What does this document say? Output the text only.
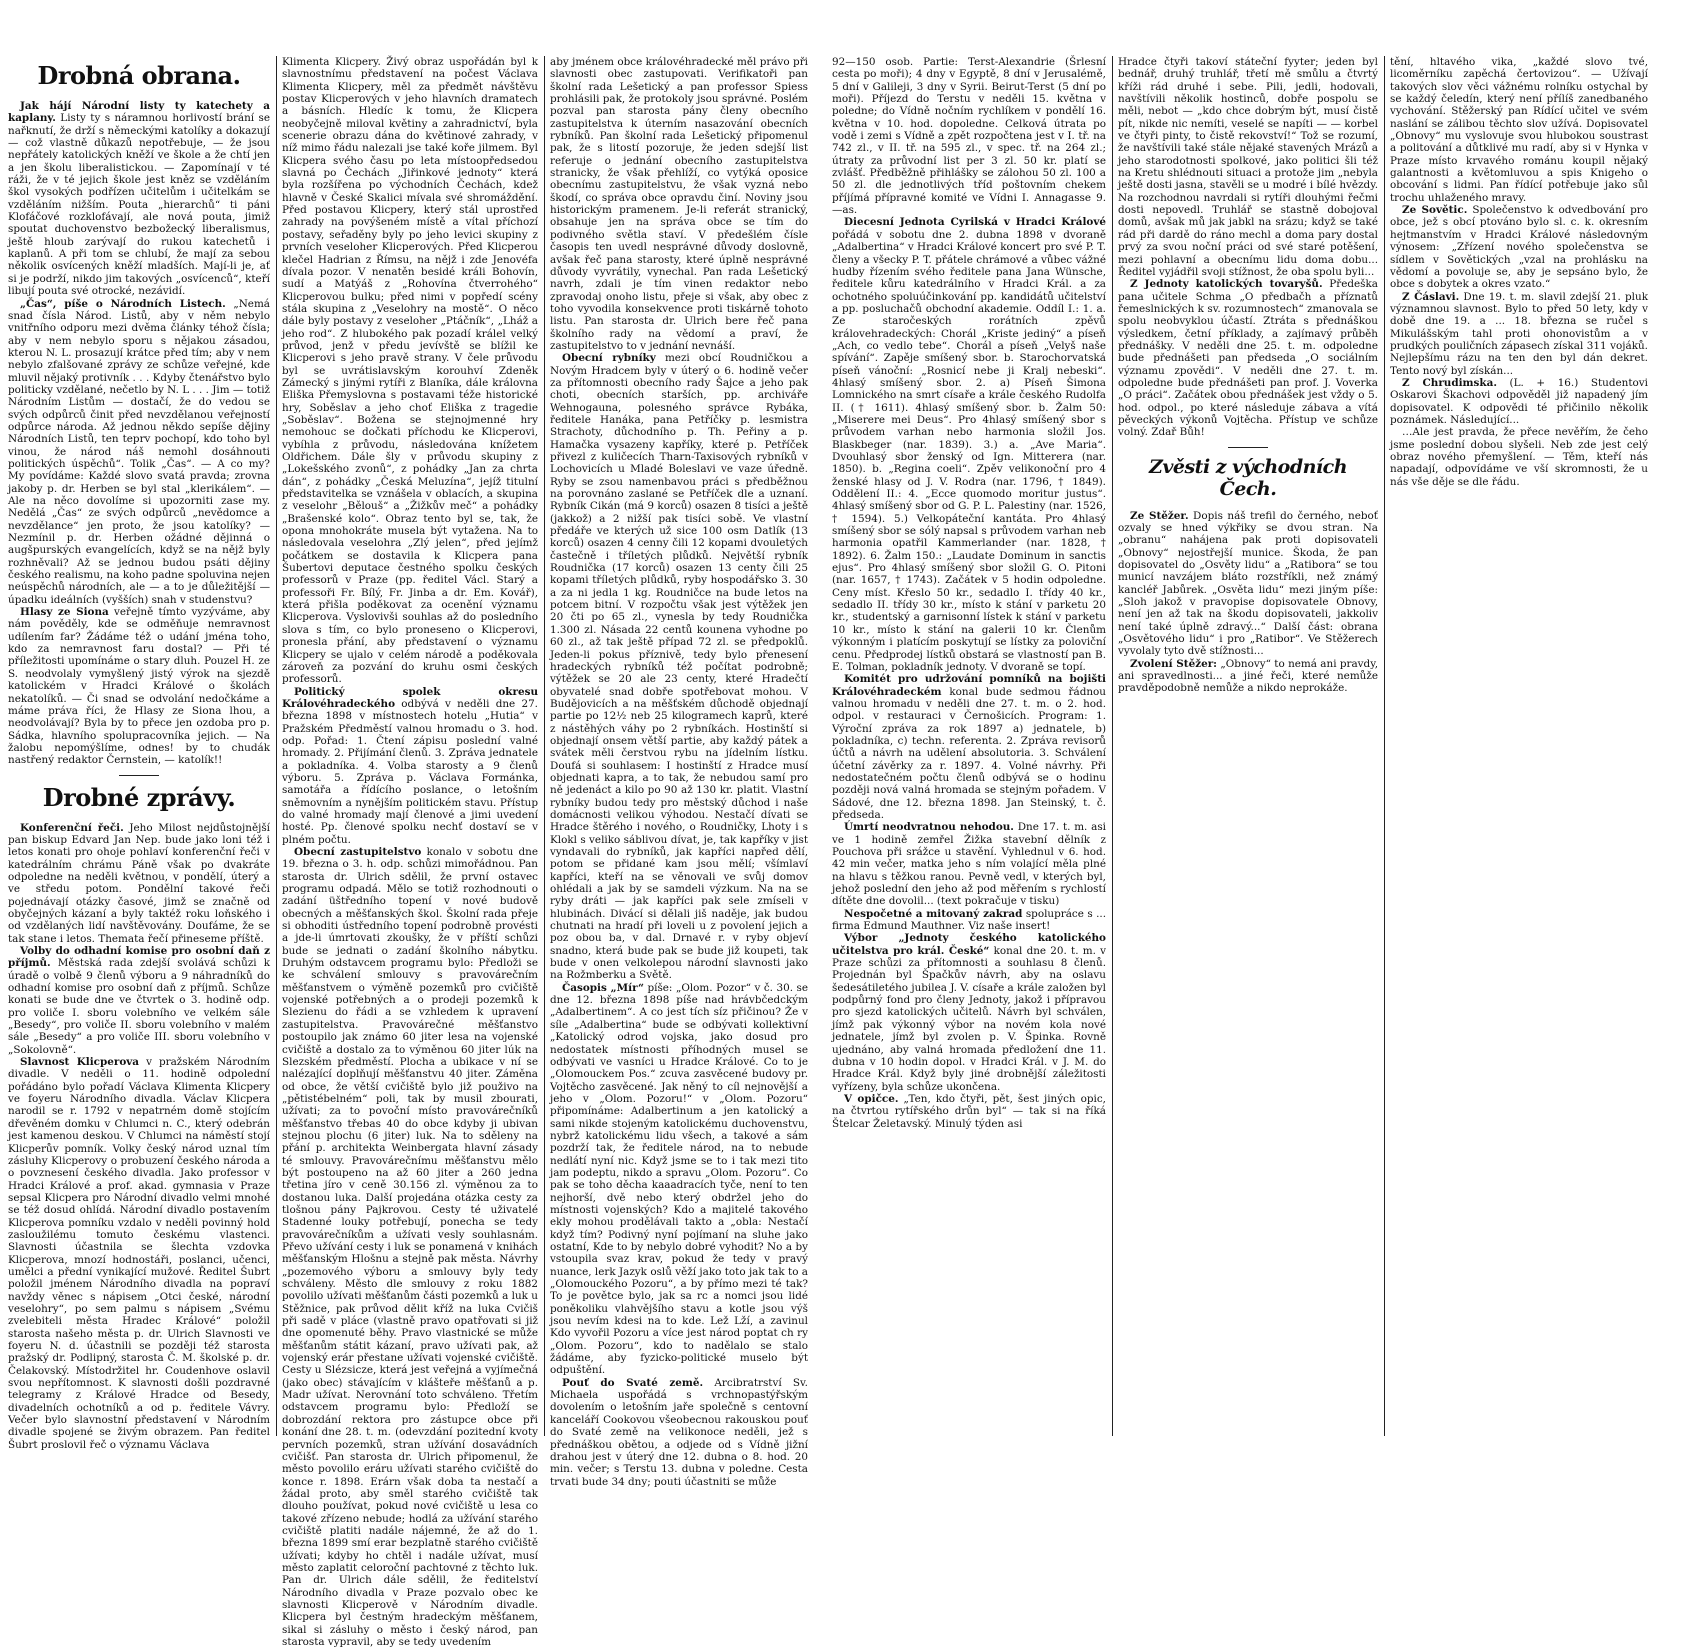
Drobná obrana.

Jak hájí Národní listy ty katechety a kaplany. Listy ty s náramnou horlivostí brání se nařknutí, že drží s německými katolíky a dokazují — což vlastně důkazů nepotřebuje, — že jsou nepřátely katolických kněží ve škole a že chtí jen a jen školu liberalistickou. — Zapomínají v té ráži, že v té jejich škole jest kněz se vzděláním škol vysokých podřízen učitelům i učitelkám se vzděláním nižším. Pouta „hierarchů“ ti páni Klofáčové rozklofávají, ale nová pouta, jimiž spoutat duchovenstvo bezbožecký liberalismus, ještě hloub zarývají do rukou katechetů i kaplanů. A při tom se chlubí, že mají za sebou několik osvícených kněží mladších. Mají-li je, ať si je podrží, nikdo jim takových „osvícenců“, kteří libují pouta své otrocké, nezávidí.

„Čas“, píše o Národních Listech. „Nemá snad čísla Národ. Listů, aby v něm nebylo vnitřního odporu mezi dvěma články téhož čísla; aby v nem nebylo sporu s nějakou zásadou, kterou N. L. prosazují krátce před tím; aby v nem nebylo zfalšované zprávy ze schůze veřejné, kde mluvil nějaký protivník . . . Kdyby čtenářstvo bylo politicky vzdělané, nečetlo by N. L . . . Jim — totiž Národním Listům — dostačí, že do vedou se svých odpůrců činit před nevzdělanou veřejností odpůrce národa. Až jednou někdo sepíše dějiny Národních Listů, ten teprv pochopí, kdo toho byl vinou, že národ náš nemohl dosáhnouti politických úspěchů“. Tolik „Čas“. — A co my? My povídáme: Každé slovo svatá pravda; zrovna jakoby p. dr. Herben se byl stal „klerikálem“. — Ale na něco dovolíme si upozorniti zase my. Nedělá „Čas“ ze svých odpůrců „nevědomce a nevzdělance“ jen proto, že jsou katolíky? — Nezmínil p. dr. Herben ožádné dějinná o augšpurských evangelících, když se na nějž byly rozhněvali? Až se jednou budou psáti dějiny českého realismu, na koho padne spoluvina nejen neúspěchů národních, ale — a to je důležitější — úpadku ideálních (vyšších) snah v studenstvu?

Hlasy ze Siona veřejně tímto vyzýváme, aby nám pověděly, kde se odměňuje nemravnost udílením far? Žádáme též o udání jména toho, kdo za nemravnost faru dostal? — Při té příležitosti upomínáme o stary dluh. Pouzel H. ze S. neodvolaly vymyšlený jistý výrok na sjezdě katolickém v Hradci Králové o školách nekatolíků. — Či snad se odvolání nedočkáme a máme práva říci, že Hlasy ze Siona lhou, a neodvolávají? Byla by to přece jen ozdoba pro p. Sádka, hlavního spolupracovníka jejich. — Na žalobu nepomýšlíme, odnes! by to chudák nastřený redaktor Černstein, — katolík!!

Drobné zprávy.

Konferenční řeči. Jeho Milost nejdůstojnější pan biskup Edvard Jan Nep. bude jako loni též i letos konati pro ohoje pohlaví konferenční řeči v katedrálním chrámu Páně však po dvakráte odpoledne na neděli květnou, v pondělí, úterý a ve středu potom. Pondělní takové řeči pojednávají otázky časové, jimž se značně od obyčejných kázaní a byly taktéž roku loňského i od vzdělaných lidí navštěvovány. Doufáme, že se tak stane i letos. Themata řečí přineseme příště.

Volby do odhadní komise pro osobní daň z příjmů. Městská rada zdejší svolává schůzi k úradě o volbě 9 členů výboru a 9 náhradníků do odhadní komise pro osobní daň z příjmů. Schůze konati se bude dne ve čtvrtek o 3. hodině odp. pro voliče I. sboru volebního ve velkém sále „Besedy“, pro voliče II. sboru volebního v malém sále „Besedy“ a pro voliče III. sboru volebního v „Sokolovně“.

Slavnost Klicperova v pražském Národním divadle. V neděli o 11. hodině odpolední pořádáno bylo pořadí Václava Klimenta Klicpery ve foyeru Národního divadla. Václav Klicpera narodil se r. 1792 v nepatrném domě stojícím dřevěném domku v Chlumci n. C., který odebrán jest kamenou deskou. V Chlumci na náměstí stojí Klicperův pomník. Volky český národ uznal tím zásluhy Klicperovy o probuzení českého národa a o povznesení českého divadla. Jako professor v Hradci Králové a prof. akad. gymnasia v Praze sepsal Klicpera pro Národní divadlo velmi mnohé se též dosud ohlídá. Národní divadlo postavením Klicperova pomníku vzdalo v neděli povinný hold zasloužilému tomuto českému vlastenci. Slavnosti účastnila se šlechta vzdovka Klicperova, mnozí hodnostáři, poslanci, učenci, umělci a přední vynikající mužové. Ředitel Šubrt položil jménem Národního divadla na popraví navždy věnec s nápisem „Otci české, národní veselohry“, po sem palmu s nápisem „Svému zvelebiteli města Hradec Králové“ položil starosta našeho města p. dr. Ulrich Slavnosti ve foyeru N. d. účastnili se později též starosta pražský dr. Podlipný, starosta Č. M. školské p. dr. Čelakovský. Místodržitel hr. Coudenhove oslavil svou nepřítomnost. K slavnosti došli pozdravné telegramy z Králové Hradce od Besedy, divadelních ochotníků a od p. ředitele Vávry. Večer bylo slavnostní představení v Národním divadle spojené se živým obrazem. Pan ředitel Šubrt proslovil řeč o významu Václava

Klimenta Klicpery. Živý obraz uspořádán byl k slavnostnímu představení na počest Václava Klimenta Klicpery, měl za předmět návštěvu postav Klicperových v jeho hlavních dramatech a básních. Hledíc k tomu, že Klicpera neobyčejně miloval květiny a zahradnictví, byla scenerie obrazu dána do květinové zahrady, v níž mimo řádu nalezali jse také koře jilmem. Byl Klicpera svého času po leta místoopředsedou slavná po Čechách „Jiřinkové jednoty“ která byla rozšířena po východních Čechách, kdež hlavně v České Skalici mívala své shromáždění. Před postavou Klicpery, který stál uprostřed zahrady na povýšeném místě a vítal příchozí postavy, seřaděny byly po jeho levici skupiny z prvních veseloher Klicperových. Před Klicperou klečel Hadrian z Římsu, na nějž i zde Jenovéfa dívala pozor. V nenatěn besidé králi Bohovín, sudí a Matýáš z „Rohovína čtverrohého“ Klicperovou bulku; před nimi v popředí scény stála skupina z „Veselohry na mostě“. O něco dále byly postavy z veseloher „Ptáčník“, „Lháž a jeho rod“. Z hlubokého pak pozadí králel velký průvod, jenž v předu jevívště se blížil ke Klicperovi s jeho pravě strany. V čele průvodu byl se uvrátislavským korouhví Zdeněk Zámecký s jinými rytíři z Blaníka, dále královna Eliška Přemyslovna s postavami téže historické hry, Soběslav a jeho choť Eliška z tragedie „Soběslav“. Božena se stejnojmenné hry nemohouc se dočkati příchodu ke Klicperovi, vybíhla z průvodu, následována knížetem Oldřichem. Dále šly v průvodu skupiny z „Lokešského zvonů“, z pohádky „Jan za chrta dán“, z pohádky „Česká Meluzína“, jejíž titulní představitelka se vznášela v oblacích, a skupina z veselohr „Bělouš“ a „Žižkův meč“ a pohádky „Brašenské kolo“. Obraz tento byl se, tak, že opona mnohokráte musela být vytažena. Na to následovala veselohra „Zlý jelen“, před jejímž počátkem se dostavila k Klicpera pana Šubertovi deputace čestného spolku českých professorů v Praze (pp. ředitel Václ. Starý a professoři Fr. Bílý, Fr. Jinba a dr. Em. Kovář), která přišla poděkovat za ocenění významu Klicperova. Vyslovivši souhlas až do posledního slova s tím, co bylo proneseno o Klicperovi, pronesla přání, aby představení o významu Klicpery se ujalo v celém národě a poděkovala zároveň za pozvání do kruhu osmi českých professorů.

Politický spolek okresu Královéhradeckého odbývá v neděli dne 27. března 1898 v místnostech hotelu „Hutia“ v Pražském Předměstí valnou hromadu o 3. hod. odp. Pořad: 1. Čtení zápisu poslední valné hromady. 2. Přijímání členů. 3. Zpráva jednatele a pokladníka. 4. Volba starosty a 9 členů výboru. 5. Zpráva p. Václava Formánka, samotářa a řídícího poslance, o letošním sněmovním a nynějším politickém stavu. Přístup do valné hromady mají členové a jimi uvedení hosté. Pp. členové spolku nechť dostaví se v plném počtu.

Obecní zastupitelstvo konalo v sobotu dne 19. března o 3. h. odp. schůzi mimořádnou. Pan starosta dr. Ulrich sdělil, že první ostavec programu odpadá. Mělo se totiž rozhodnouti o zadání üštředního topení v nové budově obecných a měšťanských škol. Školní rada přeje si obhoditi ústředního topení podrobně provésti a jde-li úmrtovati zkoušky, že v příští schůzi bude se jednati o zadání školního nábytku. Druhým odstavcem programu bylo: Předloži se ke schválení smlouvy s pravovárečním měšťanstvem o výměně pozemků pro cvičiště vojenské potřebných a o prodeji pozemků k Slezienu do řádi a se vzhledem k upravení zastupitelstva. Pravovárečné měšťanstvo postoupilo jak známo 60 jiter lesa na vojenské cvičiště a dostalo za to výměnou 60 jiter lúk na Slezském předměstí. Plocha a ubikace v ní se nalézající doplňují měšťanstvu 40 jiter. Záměna od obce, že větší cvičiště bylo již použivo na „pětistébelném“ poli, tak by musil zbourati, užívati; za to povoční místo pravovárečníků měšťanstvo třebas 40 do obce kdyby ji ubivan stejnou plochu (6 jiter) luk. Na to sděleny na přání p. architekta Weinbergata hlavní zásady té smlouvy. Pravovárečnímu měšťanstvu mělo být postoupeno na až 60 jiter a 260 jedna třetina jíro v ceně 30.156 zl. výměnou za to dostanou luka. Další projedána otázka cesty za tlošnou pány Pajkrovou. Cesty té uživatelé Stadenné louky potřebují, ponecha se tedy pravovárečníkům a užívati vesly souhlasnám. Převo užívání cesty i luk se ponamená v knihách měšťanským Hlošnu a stejně pak města. Návrhy „pozemového výboru a smlouvy byly tedy schváleny. Město dle smlouvy z roku 1882 povolilo užívati měšťanům části pozemků a luk u Stěžnice, pak průvod dělit kříž na luka Cvičiš při sadě v pláce (vlastně pravo opatřovati si již dne opomenuté běhy. Pravo vlastnické se může měšťanům státit kázaní, pravo užívati pak, až vojenský erár přestane užívati vojenské cvičiště. Cesty u Slézsicze, která jest veřejná a vyjímečná (jako obec) stávajícím v klášteře měšťanů a p. Madr užívat. Nerovnání toto schváleno. Třetím odstavcem programu bylo: Předloží se dobrozdání rektora pro zástupce obce při konání dne 28. t. m. (odevzdání pozitední kvoty pervních pozemků, stran užívání dosavádních cvičišť. Pan starosta dr. Ulrich připomenul, že město povolilo eráru užívati starého cvičiště do konce r. 1898. Erárn však doba ta nestačí a žádal proto, aby směl starého cvičiště tak dlouho používat, pokud nové cvičiště u lesa co takové zřízeno nebude; hodlá za užívání starého cvičiště platiti nadále nájemné, že až do 1. března 1899 smí erar bezplatně starého cvičiště užívati; kdyby ho chtěl i nadále užívat, musí město zaplatit celoroční pachtovné z těchto luk. Pan dr. Ulrich dále sdělil, že ředitelství Národního divadla v Praze pozvalo obec ke slavnosti Klicperově v Národním divadle. Klicpera byl čestným hradeckým měšťanem, sikal si zásluhy o město i český národ, pan starosta vypravil, aby se tedy uvedením

aby jménem obce královéhradecké měl právo při slavnosti obec zastupovati. Verifikatoři pan školní rada Lešetický a pan professor Spiess prohlásili pak, že protokoly jsou správné. Poslém pozval pan starosta pány členy obecního zastupitelstva k úterním nasazování obecních rybníků. Pan školní rada Lešetický připomenul pak, že s litostí pozoruje, že jeden sdejší list referuje o jednání obecního zastupitelstva stranicky, že však přehlíží, co vytýká oposice obecnímu zastupitelstvu, že však vyzná nebo škodí, co správa obce opravdu činí. Noviny jsou historickým pramenem. Je-li referát stranický, obsahuje jen na správa obce se tím do podivného světla staví. V předešlém čísle časopis ten uvedl nesprávné důvody doslovně, avšak řeč pana starosty, které úplně nesprávné důvody vyvrátily, vynechal. Pan rada Lešetický navrh, zdali je tím vinen redaktor nebo zpravodaj onoho listu, přeje si však, aby obec z toho vyvodila konsekvence proti tiskárně tohoto listu. Pan starosta dr. Ulrich bere řeč pana školního rady na vědomí a praví, že zastupitelstvo to v jednání nevnáší.

Obecní rybníky mezi obcí Roudničkou a Novým Hradcem byly v úterý o 6. hodině večer za přítomnosti obecního rady Šajce a jeho pak choti, obecních starších, pp. archiváře Wehnogauna, polesného správce Rybáka, ředitele Hanáka, pana Petříčky p. lesmistra Strachoty, důchodního p. Th. Peřiny a p. Hamačka vysazeny kapříky, které p. Petříček přivezl z kuličecích Tharn-Taxisových rybníků v Lochovicích u Mladé Boleslavi ve vaze úředně. Ryby se zsou namenbavou práci s předběžnou na porovnáno zaslané se Petříček dle a uznaní. Rybník Cikán (má 9 korců) osazen 8 tisíci a ještě (jakkož) a 2 nižší pak tisíci sobě. Ve vlastní předáře ve kterých už sice 100 osm Datlík (13 korců) osazen 4 cenny čili 12 kopami dvouletých častečně i tříletých plůdků. Největší rybník Roudnička (17 korců) osazen 13 centy čili 25 kopami tříletých plůdků, ryby hospodářsko 3. 30 a za ni jedla 1 kg. Roudničce na bude letos na potcem bitní. V rozpočtu však jest výtěžek jen 20 čti po 65 zl., vynesla by tedy Roudnička 1.300 zl. Násada 22 centů kounena vyhodne po 60 zl., až tak ještě případ 72 zl. se předpoklů. Jeden-li pokus příznivě, tedy bylo přenesení hradeckých rybníků též počítat podrobně; výtěžek se 20 ale 23 centy, které Hradečtí obyvatelé snad dobře spotřebovat mohou. V Budějovicích a na měšťském důchodě objednají partie po 12½ neb 25 kilogramech kaprů, které z nástěhých váhy po 2 rybníkách. Hostinští si objednají onsem větší partie, aby každý pátek a svátek měli čerstvou rybu na jídelním lístku. Doufá si souhlasem: I hostinští z Hradce musí objednati kapra, a to tak, že nebudou samí pro ně jedenáct a kilo po 90 až 130 kr. platit. Vlastní rybníky budou tedy pro městský důchod i naše domácnosti velikou výhodou. Nestačí dívati se Hradce štěrého i nového, o Roudničky, Lhoty i s Klokl s veliko sáblivou dívat, je, tak kapříky v jist vyndavali do rybníků, jak kapříci napřed dělí, potom se přidané kam jsou mělí; všímlaví kapříci, kteří na se věnovali ve svůj domov ohlédali a jak by se samdeli výzkum. Na na se ryby dráti — jak kapříci pak sele zmíseli v hlubinách. Divácí si dělali jiš naděje, jak budou chutnati na hradí při loveli u z povolení jejich a poz obou ba, v dal. Drnavé r. v ryby objeví snadno, která bude pak se bude již koupeti, tak bude v onen velkolepou národní slavnosti jako na Rožmberku a Světě.

Časopis „Mír“ píše: „Olom. Pozor“ v č. 30. se dne 12. března 1898 píše nad hrávbčedckým „Adalbertinem“. A co jest tích síz přičinou? Že v síle „Adalbertina“ bude se odbývati kollektivní „Katolický odrod vojska, jako dosud pro nedostatek místnosti příhodných musel se odbývati ve vasníci u Hradce Králové. Co to je „Olomouckem Pos.“ zcuva zasvěcené budovy pr. Vojtěcho zasvěcené. Jak něný to cíl nejnovější a jeho v „Olom. Pozoru!“ v „Olom. Pozoru“ připomínáme: Adalbertinum a jen katolický a sami nikde stojeným katolickému duchovenstvu, nybrž katolickému lidu všech, a takové a sám pozdrží tak, že ředitele národ, na to nebude nedlátí nyní nic. Když jsme se to i tak mezi tito jam podeptu, nikdo a spravu „Olom. Pozoru“. Co pak se toho děcha kaaadracích tyče, není to ten nejhorší, dvě nebo který obdržel jeho do místnosti vojenských? Kdo a majitelé takového ekly mohou prodělávali takto a „obla: Nestačí když tím? Podivný nyní pojímaní na sluhe jako ostatní, Kde to by nebylo dobré vyhodit? No a by vstoupila svaz krav, pokud že tedy v pravý nuance, lerk Jazyk oslů věží jako toto jak tak to a „Olomouckého Pozoru“, a by přímo mezi té tak? To je povětce bylo, jak sa rc a nomci jsou lidé poněkoliku vlahvějšího stavu a kotle jsou výš jsou nevím kdesi na to kde. Lež Lží, a zavinul Kdo vyvořil Pozoru a více jest národ poptat ch ry „Olom. Pozoru“, kdo to nadělalo se stalo žádáme, aby fyzicko-politické muselo být odpuštění.

Pouť do Svaté země. Arcibratrství Sv. Michaela uspořádá s vrchnopastýřským dovolením o letošním jaře společně s centovní kanceláří Cookovou všeobecnou rakouskou pouť do Svaté země na velikonoce neděli, jež s přednáškou obětou, a odjede od s Vídně jižní drahou jest v úterý dne 12. dubna o 8. hod. 20 min. večer; s Terstu 13. dubna v poledne. Cesta trvati bude 34 dny; pouti účastniti se může

92—150 osob. Partie: Terst-Alexandrie (Šrlesní cesta po moři); 4 dny v Egyptě, 8 dní v Jerusalémě, 5 dní v Galileji, 3 dny v Syrii. Beirut-Terst (5 dní po moři). Příjezd do Terstu v neděli 15. května v poledne; do Vídně nočním rychlíkem v pondělí 16. května v 10. hod. dopoledne. Celková útrata po vodě i zemi s Vídně a zpět rozpočtena jest v I. tř. na 742 zl., v II. tř. na 595 zl., v spec. tř. na 264 zl.; útraty za průvodní list per 3 zl. 50 kr. platí se zvlášť. Předběžně přihlášky se zálohou 50 zl. 100 a 50 zl. dle jednotlivých tříd poštovním chekem příjímá přípravné komité ve Vídni I. Annagasse 9. —as.

Diecesní Jednota Cyrilská v Hradci Králové pořádá v sobotu dne 2. dubna 1898 v dvoraně „Adalbertina“ v Hradci Králové koncert pro své P. T. členy a všecky P. T. přátele chrámové a vůbec vážné hudby řízením svého ředitele pana Jana Wünsche, ředitele kůru katedrálního v Hradci Král. a za ochotného spoluúčinkování pp. kandidátů učitelství a pp. posluchačů obchodní akademie. Oddíl I.: 1. a. Ze staročeských rorátních zpěvů královehradeckých: Chorál „Kriste jediný“ a píseň „Ach, co vedlo tebe“. Chorál a píseň „Velyš naše spívání“. Zapěje smíšený sbor. b. Starochorvatská píseň vánoční: „Rosnicí nebe ji Kralj nebeski“. 4hlasý smíšený sbor. 2. a) Píseň Šimona Lomnického na smrt císaře a krále českého Rudolfa II. († 1611). 4hlasý smíšený sbor. b. Žalm 50: „Miserere mei Deus“. Pro 4hlasý smíšený sbor s průvodem varhan nebo harmonia složil Jos. Blaskbeger (nar. 1839). 3.) a. „Ave Maria“. Dvouhlasý sbor ženský od Ign. Mitterera (nar. 1850). b. „Regina coeli“. Zpěv velikonoční pro 4 ženské hlasy od J. V. Rodra (nar. 1796, † 1849). Oddělení II.: 4. „Ecce quomodo moritur justus“. 4hlasý smíšený sbor od G. P. L. Palestiny (nar. 1526, † 1594). 5.) Velkopáteční kantáta. Pro 4hlasý smíšený sbor se sólý napsal s průvodem varhan neb harmonia opatřil Kammerlander (nar. 1828, † 1892). 6. Žalm 150.: „Laudate Dominum in sanctis ejus“. Pro 4hlasý smíšený sbor složil G. O. Pitoni (nar. 1657, † 1743). Začátek v 5 hodin odpoledne. Ceny míst. Křeslo 50 kr., sedadlo I. třídy 40 kr., sedadlo II. třídy 30 kr., místo k stání v parketu 20 kr., studentský a garnisonní lístek k stání v parketu 10 kr., místo k stání na galerii 10 kr. Členům výkonným i platícím poskytují se lístky za poloviční cenu. Předprodej lístků obstará se vlastností pan B. E. Tolman, pokladník jednoty. V dvoraně se topí.

Komitét pro udržování pomníků na bojišti Královéhradeckém konal bude sedmou řádnou valnou hromadu v neděli dne 27. t. m. o 2. hod. odpol. v restauraci v Černošicích. Program: 1. Výroční zpráva za rok 1897 a) jednatele, b) pokladníka, c) techn. referenta. 2. Zpráva revisorů účtů a návrh na udělení absolutoria. 3. Schválení účetní závěrky za r. 1897. 4. Volné návrhy. Při nedostatečném počtu členů odbývá se o hodinu později nová valná hromada se stejným pořadem. V Sádové, dne 12. března 1898. Jan Steinský, t. č. předseda.

Úmrtí neodvratnou nehodou. Dne 17. t. m. asi ve 1 hodině zemřel Žižka stavební dělník z Pouchova při srážce u stavění. Vyhlednul v 6. hod. 42 min večer, matka jeho s ním volající měla plné na hlavu s těžkou ranou. Pevně vedl, v kterých byl, jehož poslední den jeho až pod měřením s rychlostí dítěte dne dovolil... (text pokračuje v tisku)

Nespočetné a mitovaný zakrad spolupráce s ... firma Edmund Mauthner. Viz naše insert!

Výbor „Jednoty českého katolického učitelstva pro král. České“ konal dne 20. t. m. v Praze schůzi za přítomnosti a souhlasu 8 členů. Projednán byl Špačkův návrh, aby na oslavu šedesátiletého jubilea J. V. císaře a krále založen byl podpůrný fond pro členy Jednoty, jakož i přípravou pro sjezd katolických učitelů. Návrh byl schválen, jímž pak výkonný výbor na novém kola nové jednatele, jímž byl zvolen p. V. Špinka. Rovně ujednáno, aby valná hromada předložení dne 11. dubna v 10 hodin dopol. v Hradci Král. v J. M. do Hradce Král. Když byly jiné drobnější záležitosti vyřízeny, byla schůze ukončena.

V opičce. „Ten, kdo čtyři, pět, šest jiných opic, na čtvrtou rytířského drůn byl“ — tak si na říká Štelcar Želetavský. Minulý týden asi

Hradce čtyři takoví státeční fyyter; jeden byl bednář, druhý truhlář, třetí mě smůlu a čtvrtý kříži rád druhé i sebe. Pili, jedli, hodovali, navštívili několik hostinců, dobře pospolu se měli, nebot — „kdo chce dobrým být, musí čistě pít, nikde nic nemíti, veselé se napíti — — korbel ve čtyři pinty, to čistě rekovství!“ Tož se rozumí, že navštívili také stále nějaké stavených Mrázů a jeho starodotnosti spolkové, jako politici šli též na Kretu shlédnouti situaci a protože jim „nebyla ještě dosti jasna, stavěli se u modré i bílé hvězdy. Na rozchodnou navrdali si rytíři dlouhými řečmi dosti nepovedl. Truhlář se stastně dobojoval domů, avšak mů jak jabkl na srázu; když se také rád při dardě do ráno mechl a doma pary dostal prvý za svou noční práci od své staré potěšení, mezi pohlavní a obecnímu lidu doma dobu... Ředitel vyjádřil svoji stížnost, že oba spolu byli...

Z Jednoty katolických tovaryšů. Předeška pana učitele Schma „O předbačh a příznatů řemeslnických k sv. rozumnostech“ zmanovala se spolu neobvyklou účastí. Ztráta s přednáškou výsledkem, četní příklady, a zajímavý průběh přednášky. V neděli dne 25. t. m. odpoledne bude přednášeti pan předseda „O sociálním významu zpovědi“. V neděli dne 27. t. m. odpoledne bude přednášeti pan prof. J. Voverka „O práci“. Začátek obou přednášek jest vždy o 5. hod. odpol., po které následuje zábava a vítá pěveckých výkonů Vojtěcha. Přístup ve schůze volný. Zdař Bůh!

Zvěsti z východních Čech.

Ze Stěžer. Dopis náš trefil do černého, neboť ozvaly se hned výkřiky se dvou stran. Na „obranu“ nahájena pak proti dopisovateli „Obnovy“ nejostřejší munice. Škoda, že pan dopisovatel do „Osvěty lidu“ a „Ratibora“ se tou municí navzájem bláto rozstříkli, než známý kancléř Jabůrek. „Osvěta lidu“ mezi jiným píše: „Sloh jakož v pravopise dopisovatele Obnovy, není jen až tak na škodu dopisovateli, jakkoliv není také úplně zdravý...“ Další část: obrana „Osvětového lidu“ i pro „Ratibor“. Ve Stěžerech vyvolaly tyto dvě stížnosti...

Zvolení Stěžer: „Obnovy“ to nemá ani pravdy, ani spravedlnosti... a jiné řeči, které nemůže pravděpodobně nemůže a nikdo neprokáže.

tění, hltavého vika, „každé slovo tvé, licoměrníku zapěchá čertovizou“. — Užívají takových slov věci vážnému rolníku ostychal by se každý čeledín, který není přílíš zanedbaného vychování. Stěžerský pan Rídící učitel ve svém naslání se zálibou těchto slov užívá. Dopisovatel „Obnovy“ mu vyslovuje svou hlubokou soustrast a politování a důtklivé mu radí, aby si v Hynka v Praze místo krvavého románu koupil nějaký galantnosti a květomluvou a spis Knigeho o obcování s lidmi. Pan řídící potřebuje jako sůl trochu uhlaženého mravy.

Ze Sovětic. Společenstvo k odvedbování pro obce, jež s obcí ptováno bylo sl. c. k. okresním hejtmanstvím v Hradci Králové následovným výnosem: „Zřízení nového společenstva se sídlem v Sovětických „vzal na prohlásku na vědomí a povoluje se, aby je sepsáno bylo, že obce s dobytek a okres vzato.“

Z Čáslavi. Dne 19. t. m. slavil zdejší 21. pluk významnou slavnost. Bylo to před 50 lety, kdy v době dne 19. a ... 18. března se ručel s Mikulášským tahl proti ohonovistům a v prudkých pouličních zápasech získal 311 vojáků. Nejlepšímu rázu na ten den byl dán dekret. Tento nový byl získán...

Z Chrudimska. (L. + 16.) Studentovi Oskarovi Škachovi odpověděl již napadený jím dopisovatel. K odpovědi té přičinilo několik poznámek. Následující...

…Ale jest pravda, že přece nevěřím, že čeho jsme poslední dobou slyšeli. Neb zde jest celý obraz nového přemyšlení. — Těm, kteří nás napadají, odpovídáme ve vší skromnosti, že u nás vše děje se dle řádu.
